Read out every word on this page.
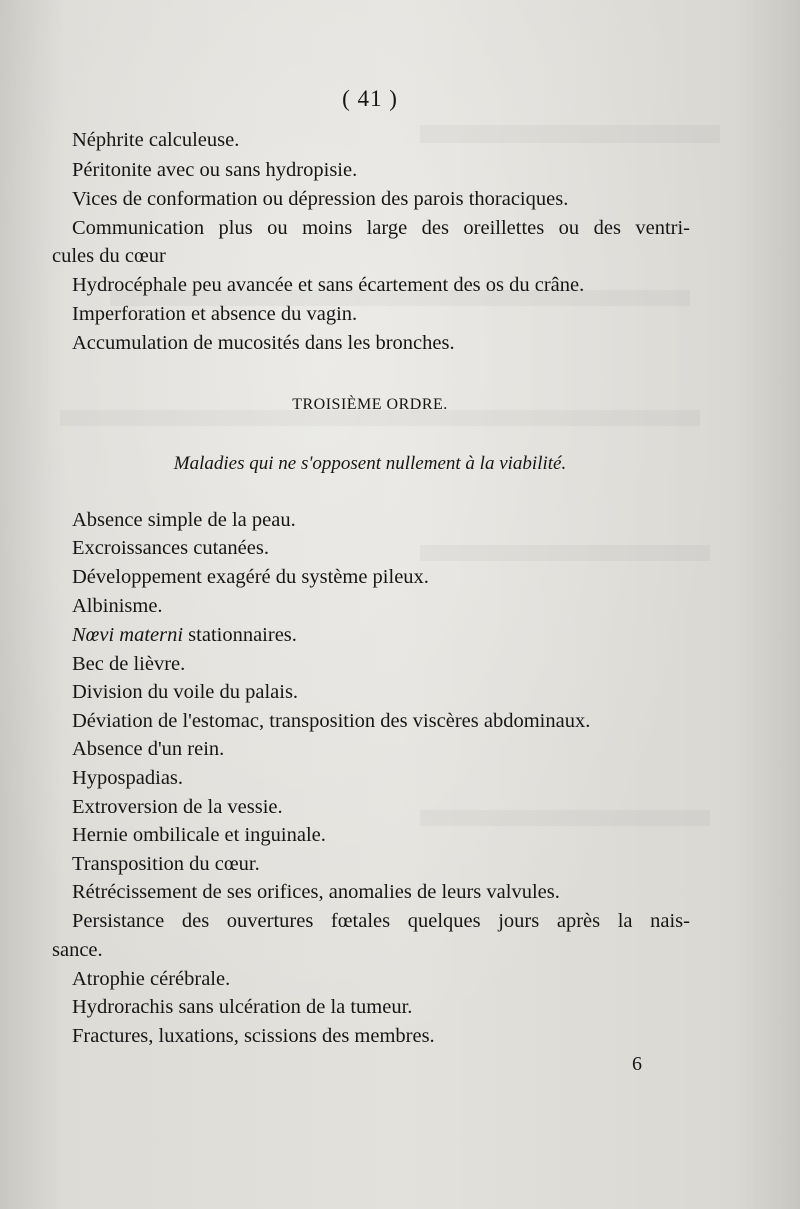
( 41 )
Néphrite calculeuse.
Péritonite avec ou sans hydropisie.
Vices de conformation ou dépression des parois thoraciques.
Communication plus ou moins large des oreillettes ou des ventri-
cules du cœur
Hydrocéphale peu avancée et sans écartement des os du crâne.
Imperforation et absence du vagin.
Accumulation de mucosités dans les bronches.
TROISIÈME ORDRE.
Maladies qui ne s'opposent nullement à la viabilité.
Absence simple de la peau.
Excroissances cutanées.
Développement exagéré du système pileux.
Albinisme.
Nœvi materni stationnaires.
Bec de lièvre.
Division du voile du palais.
Déviation de l'estomac, transposition des viscères abdominaux.
Absence d'un rein.
Hypospadias.
Extroversion de la vessie.
Hernie ombilicale et inguinale.
Transposition du cœur.
Rétrécissement de ses orifices, anomalies de leurs valvules.
Persistance des ouvertures fœtales quelques jours après la nais-
sance.
Atrophie cérébrale.
Hydrorachis sans ulcération de la tumeur.
Fractures, luxations, scissions des membres.
6
